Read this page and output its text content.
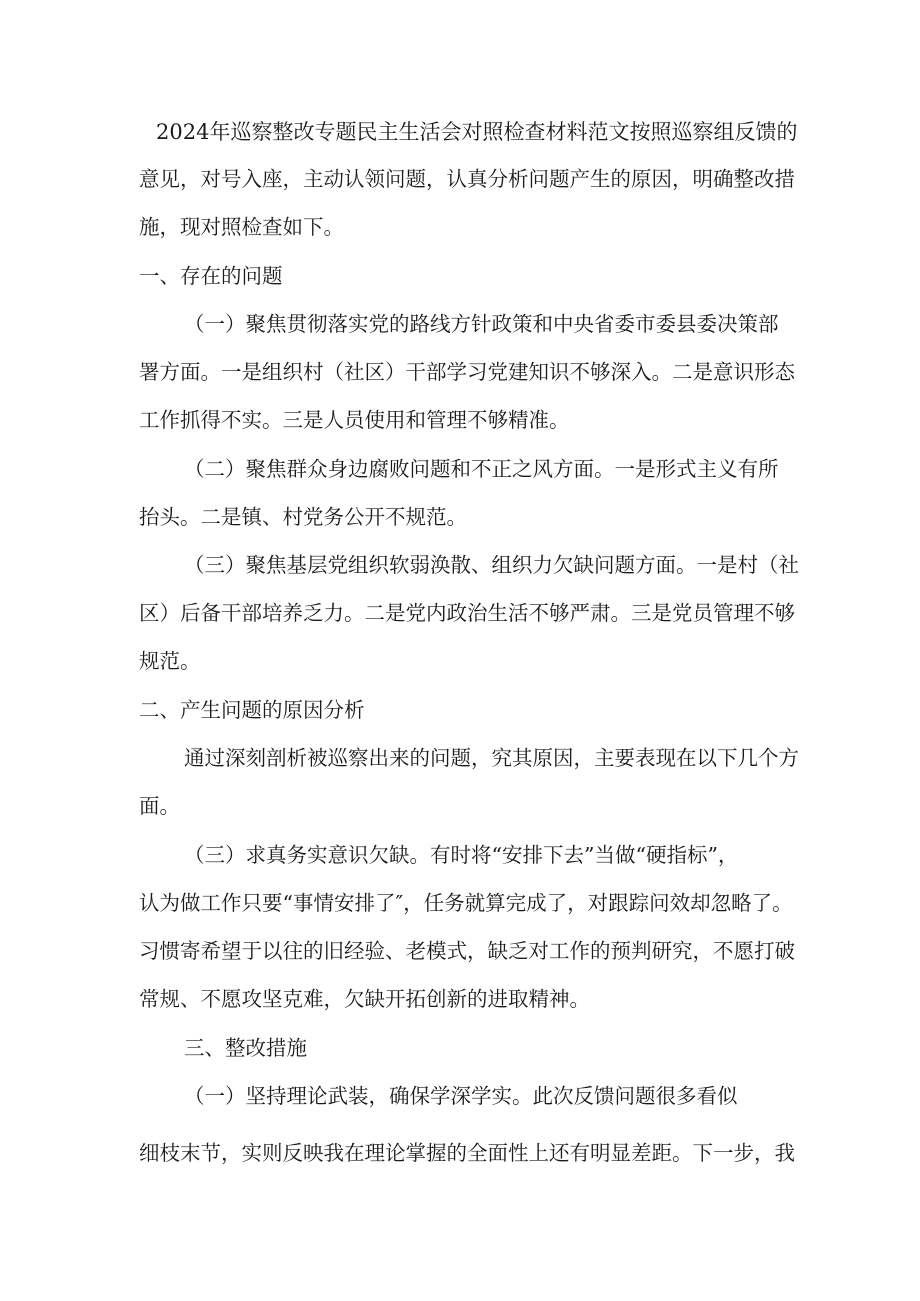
2024年巡察整改专题民主生活会对照检查材料范文按照巡察组反馈的
意见，对号入座，主动认领问题，认真分析问题产生的原因，明确整改措
施，现对照检查如下。
一、存在的问题
（一）聚焦贯彻落实党的路线方针政策和中央省委市委县委决策部
署方面。一是组织村（社区）干部学习党建知识不够深入。二是意识形态
工作抓得不实。三是人员使用和管理不够精准。
（二）聚焦群众身边腐败问题和不正之风方面。一是形式主义有所
抬头。二是镇、村党务公开不规范。
（三）聚焦基层党组织软弱涣散、组织力欠缺问题方面。一是村（社
区）后备干部培养乏力。二是党内政治生活不够严肃。三是党员管理不够
规范。
二、产生问题的原因分析
通过深刻剖析被巡察出来的问题，究其原因，主要表现在以下几个方
面。
（三）求真务实意识欠缺。有时将“安排下去”当做“硬指标”，
认为做工作只要“事情安排了″，任务就算完成了，对跟踪问效却忽略了。
习惯寄希望于以往的旧经验、老模式，缺乏对工作的预判研究，不愿打破
常规、不愿攻坚克难，欠缺开拓创新的进取精神。
三、整改措施
（一）坚持理论武装，确保学深学实。此次反馈问题很多看似
细枝末节，实则反映我在理论掌握的全面性上还有明显差距。下一步，我
